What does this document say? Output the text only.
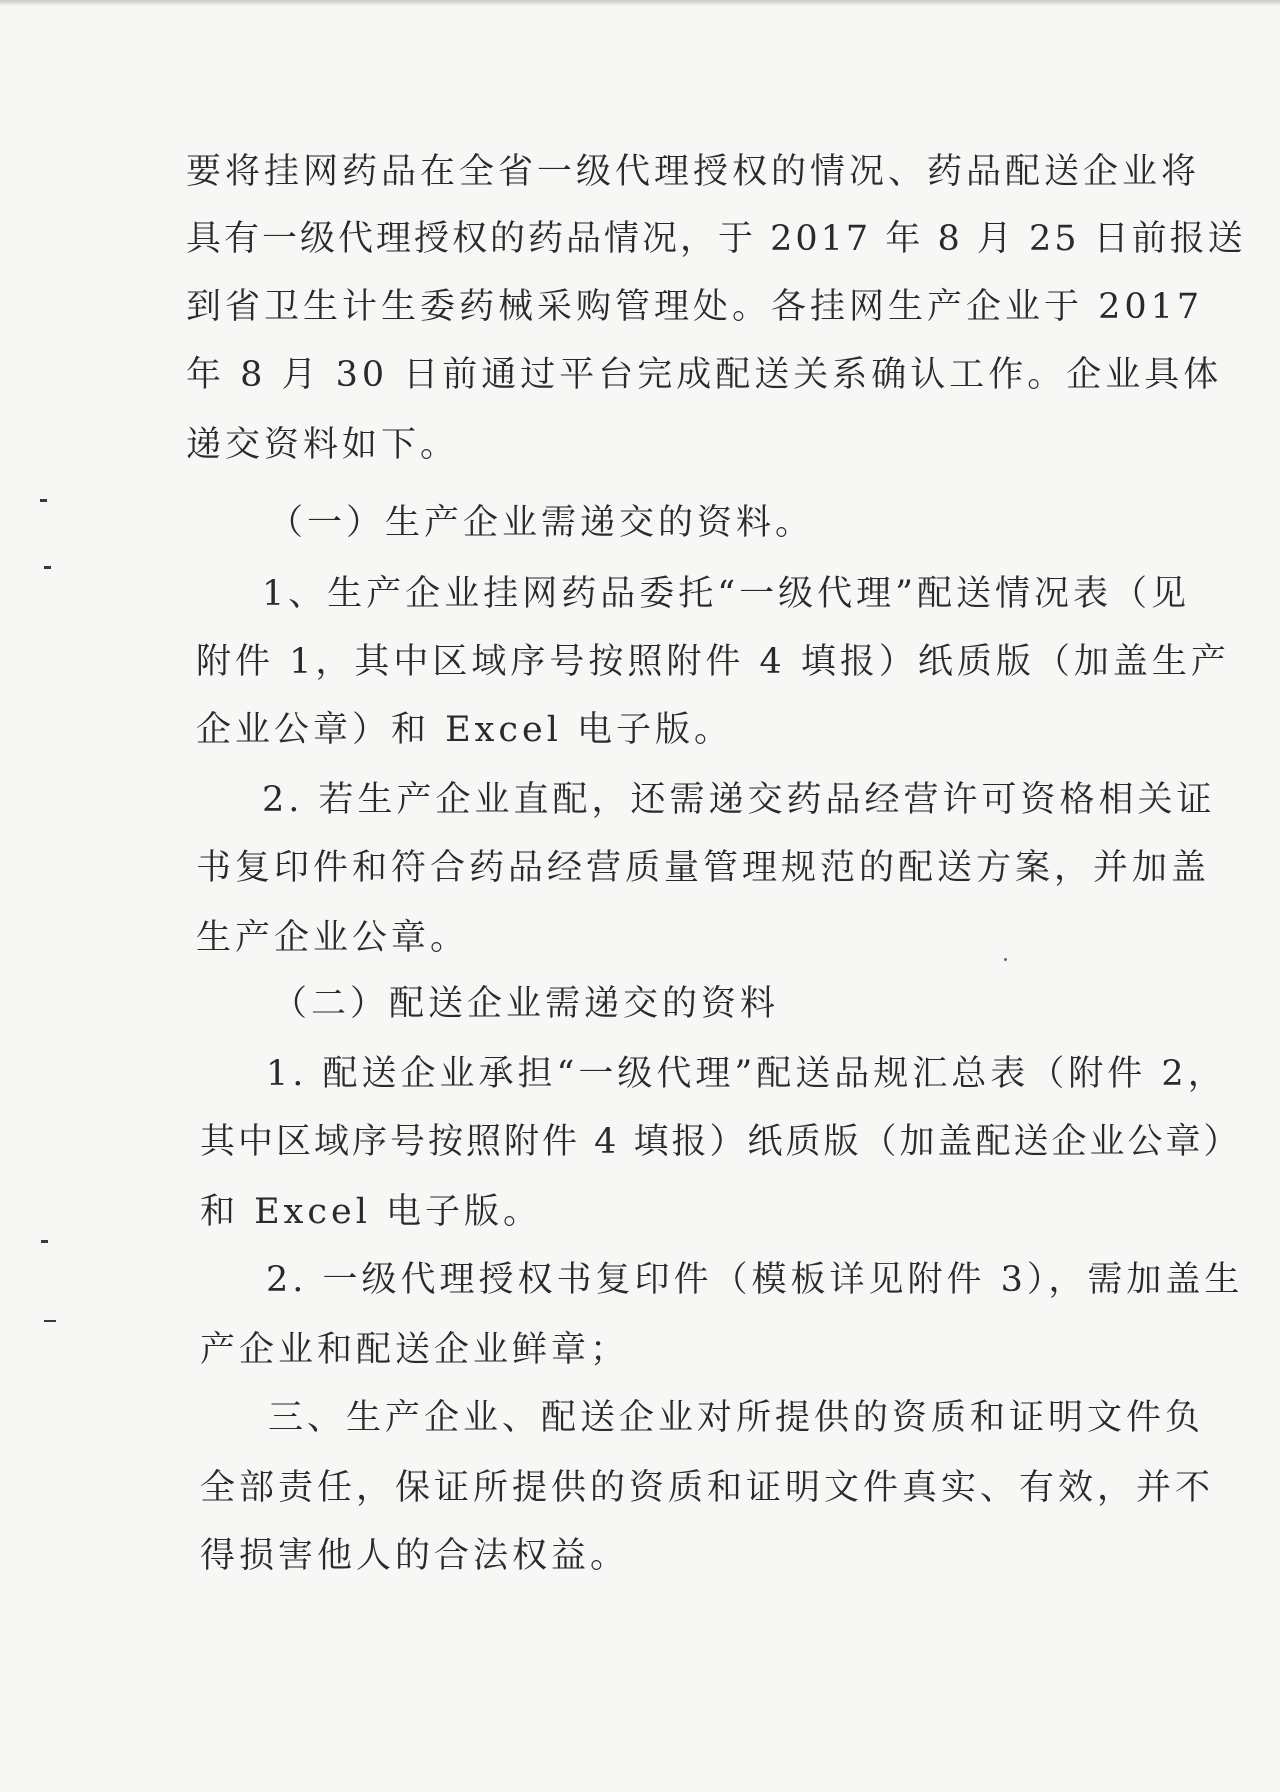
要将挂网药品在全省一级代理授权的情况、药品配送企业将

具有一级代理授权的药品情况，于 2017 年 8 月 25 日前报送

到省卫生计生委药械采购管理处。各挂网生产企业于 2017

年 8 月 30 日前通过平台完成配送关系确认工作。企业具体

递交资料如下。

（一）生产企业需递交的资料。

1、生产企业挂网药品委托“一级代理”配送情况表（见

附件 1，其中区域序号按照附件 4 填报）纸质版（加盖生产

企业公章）和 Excel 电子版。

2. 若生产企业直配，还需递交药品经营许可资格相关证

书复印件和符合药品经营质量管理规范的配送方案，并加盖

生产企业公章。

（二）配送企业需递交的资料

1. 配送企业承担“一级代理”配送品规汇总表（附件 2，

其中区域序号按照附件 4 填报）纸质版（加盖配送企业公章）

和 Excel 电子版。

2. 一级代理授权书复印件（模板详见附件 3），需加盖生

产企业和配送企业鲜章；

三、生产企业、配送企业对所提供的资质和证明文件负

全部责任，保证所提供的资质和证明文件真实、有效，并不

得损害他人的合法权益。
